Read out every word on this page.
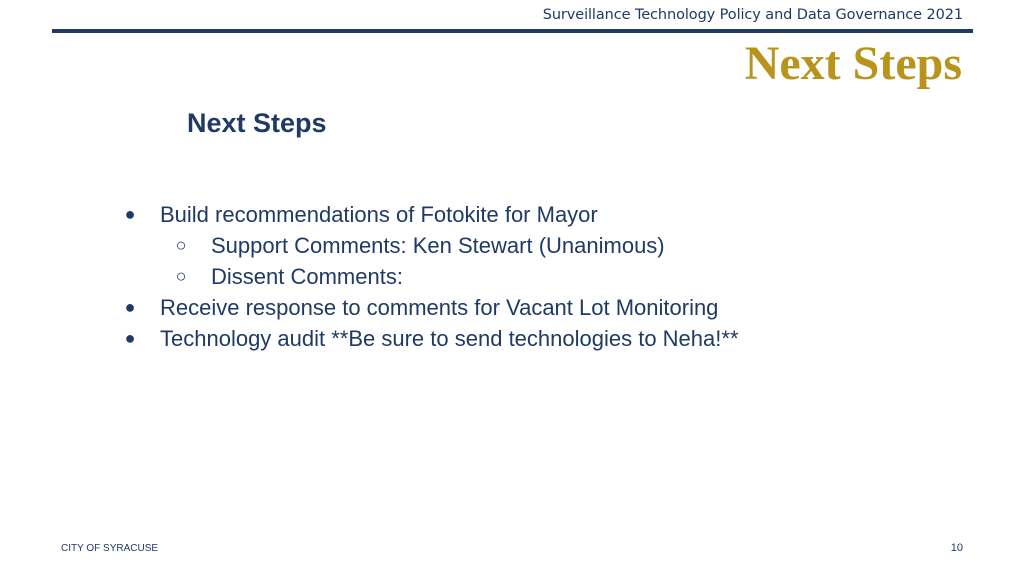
Surveillance Technology Policy and Data Governance 2021
Next Steps
Next Steps
● Build recommendations of Fotokite for Mayor
○ Support Comments: Ken Stewart (Unanimous)
○ Dissent Comments:
● Receive response to comments for Vacant Lot Monitoring
● Technology audit **Be sure to send technologies to Neha!**
CITY OF SYRACUSE	10
